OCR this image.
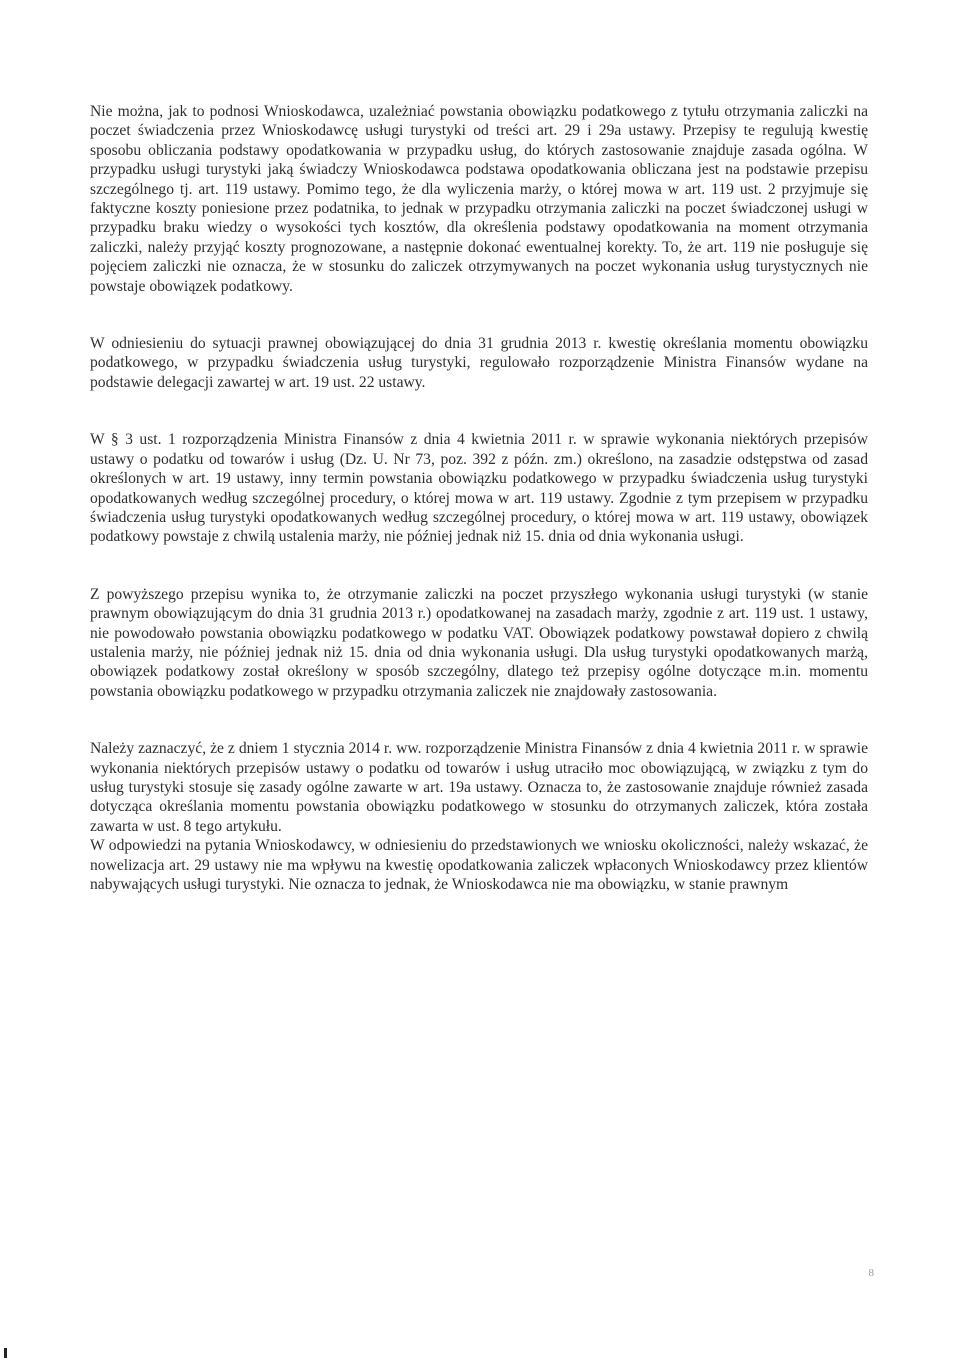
Nie można, jak to podnosi Wnioskodawca, uzależniać powstania obowiązku podatkowego z tytułu otrzymania zaliczki na poczet świadczenia przez Wnioskodawcę usługi turystyki od treści art. 29 i 29a ustawy. Przepisy te regulują kwestię sposobu obliczania podstawy opodatkowania w przypadku usług, do których zastosowanie znajduje zasada ogólna. W przypadku usługi turystyki jaką świadczy Wnioskodawca podstawa opodatkowania obliczana jest na podstawie przepisu szczególnego tj. art. 119 ustawy. Pomimo tego, że dla wyliczenia marży, o której mowa w art. 119 ust. 2 przyjmuje się faktyczne koszty poniesione przez podatnika, to jednak w przypadku otrzymania zaliczki na poczet świadczonej usługi w przypadku braku wiedzy o wysokości tych kosztów, dla określenia podstawy opodatkowania na moment otrzymania zaliczki, należy przyjąć koszty prognozowane, a następnie dokonać ewentualnej korekty. To, że art. 119 nie posługuje się pojęciem zaliczki nie oznacza, że w stosunku do zaliczek otrzymywanych na poczet wykonania usług turystycznych nie powstaje obowiązek podatkowy.

W odniesieniu do sytuacji prawnej obowiązującej do dnia 31 grudnia 2013 r. kwestię określania momentu obowiązku podatkowego, w przypadku świadczenia usług turystyki, regulowało rozporządzenie Ministra Finansów wydane na podstawie delegacji zawartej w art. 19 ust. 22 ustawy.

W § 3 ust. 1 rozporządzenia Ministra Finansów z dnia 4 kwietnia 2011 r. w sprawie wykonania niektórych przepisów ustawy o podatku od towarów i usług (Dz. U. Nr 73, poz. 392 z późn. zm.) określono, na zasadzie odstępstwa od zasad określonych w art. 19 ustawy, inny termin powstania obowiązku podatkowego w przypadku świadczenia usług turystyki opodatkowanych według szczególnej procedury, o której mowa w art. 119 ustawy. Zgodnie z tym przepisem w przypadku świadczenia usług turystyki opodatkowanych według szczególnej procedury, o której mowa w art. 119 ustawy, obowiązek podatkowy powstaje z chwilą ustalenia marży, nie później jednak niż 15. dnia od dnia wykonania usługi.

Z powyższego przepisu wynika to, że otrzymanie zaliczki na poczet przyszłego wykonania usługi turystyki (w stanie prawnym obowiązującym do dnia 31 grudnia 2013 r.) opodatkowanej na zasadach marży, zgodnie z art. 119 ust. 1 ustawy, nie powodowało powstania obowiązku podatkowego w podatku VAT. Obowiązek podatkowy powstawał dopiero z chwilą ustalenia marży, nie później jednak niż 15. dnia od dnia wykonania usługi. Dla usług turystyki opodatkowanych marżą, obowiązek podatkowy został określony w sposób szczególny, dlatego też przepisy ogólne dotyczące m.in. momentu powstania obowiązku podatkowego w przypadku otrzymania zaliczek nie znajdowały zastosowania.

Należy zaznaczyć, że z dniem 1 stycznia 2014 r. ww. rozporządzenie Ministra Finansów z dnia 4 kwietnia 2011 r. w sprawie wykonania niektórych przepisów ustawy o podatku od towarów i usług utraciło moc obowiązującą, w związku z tym do usług turystyki stosuje się zasady ogólne zawarte w art. 19a ustawy. Oznacza to, że zastosowanie znajduje również zasada dotycząca określania momentu powstania obowiązku podatkowego w stosunku do otrzymanych zaliczek, która została zawarta w ust. 8 tego artykułu.

W odpowiedzi na pytania Wnioskodawcy, w odniesieniu do przedstawionych we wniosku okoliczności, należy wskazać, że nowelizacja art. 29 ustawy nie ma wpływu na kwestię opodatkowania zaliczek wpłaconych Wnioskodawcy przez klientów nabywających usługi turystyki. Nie oznacza to jednak, że Wnioskodawca nie ma obowiązku, w stanie prawnym

8
